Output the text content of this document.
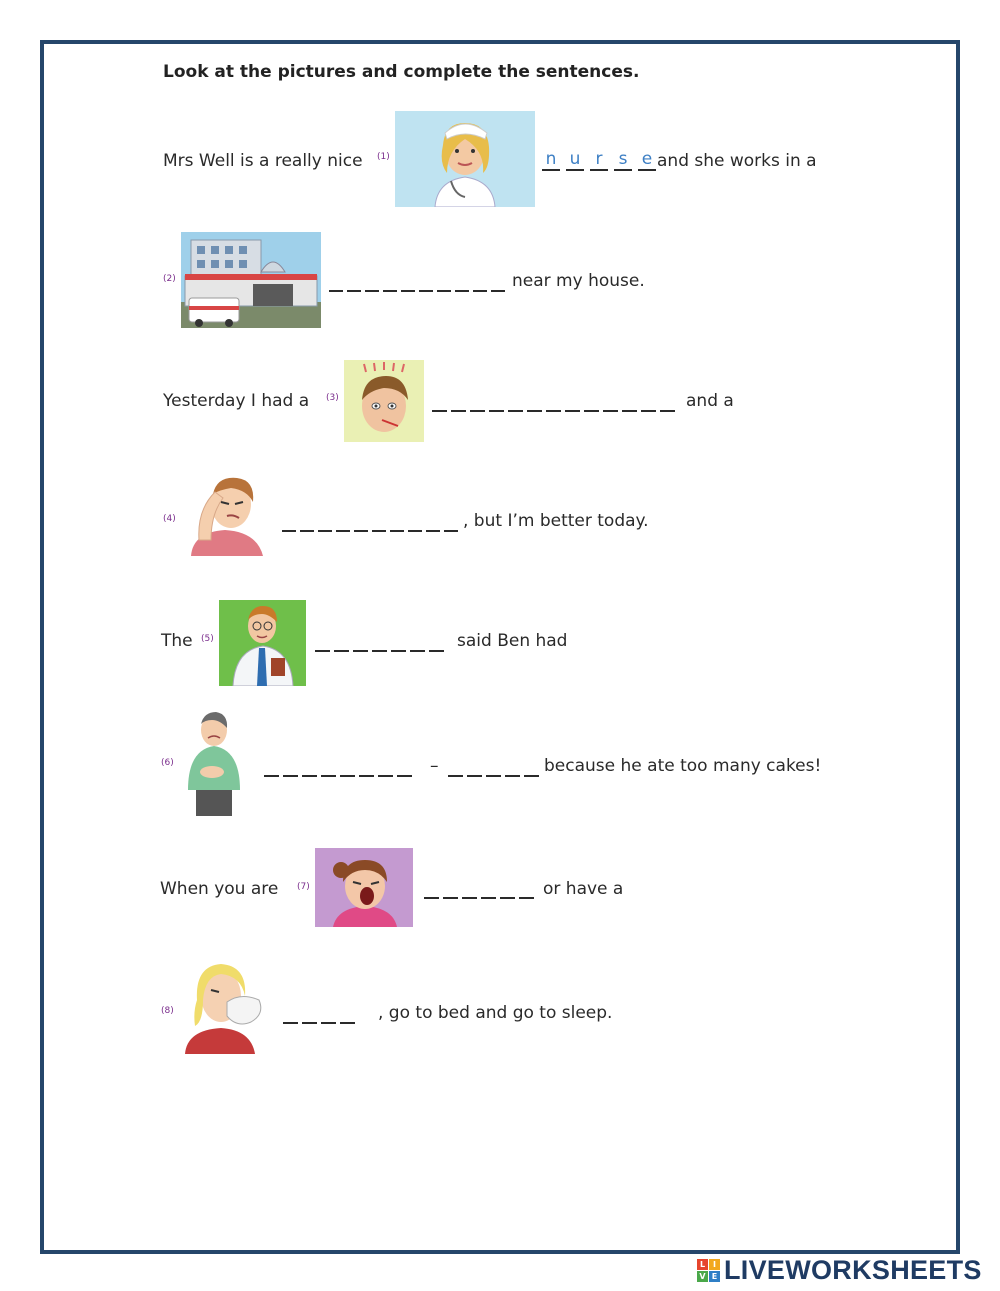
Look at the pictures and complete the sentences.
Mrs Well is a really nice (1)	n u r s e and she works in a
(2)	near my house.
Yesterday I had a (3)	and a
(4)	, but I’m better today.
The (5)	said Ben had
(6)	–	because he ate too many cakes!
When you are (7)	or have a
(8)	, go to bed and go to sleep.
L I
V E LIVEWORKSHEETS
